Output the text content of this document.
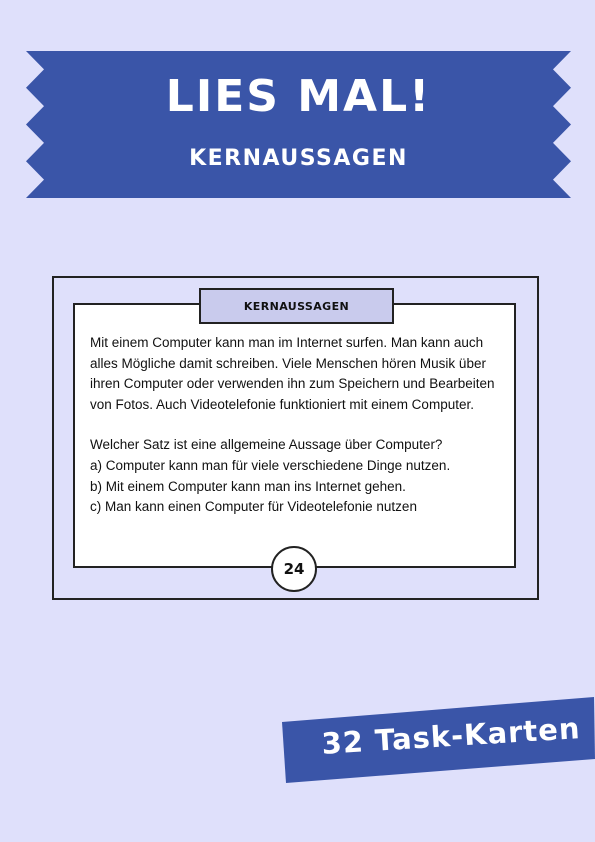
LIES MAL!
KERNAUSSAGEN
KERNAUSSAGEN

Mit einem Computer kann man im Internet surfen. Man kann auch alles Mögliche damit schreiben. Viele Menschen hören Musik über ihren Computer oder verwenden ihn zum Speichern und Bearbeiten von Fotos. Auch Videotelefonie funktioniert mit einem Computer.

Welcher Satz ist eine allgemeine Aussage über Computer?

a) Computer kann man für viele verschiedene Dinge nutzen.

b) Mit einem Computer kann man ins Internet gehen.

c) Man kann einen Computer für Videotelefonie nutzen

24
32 Task-Karten
